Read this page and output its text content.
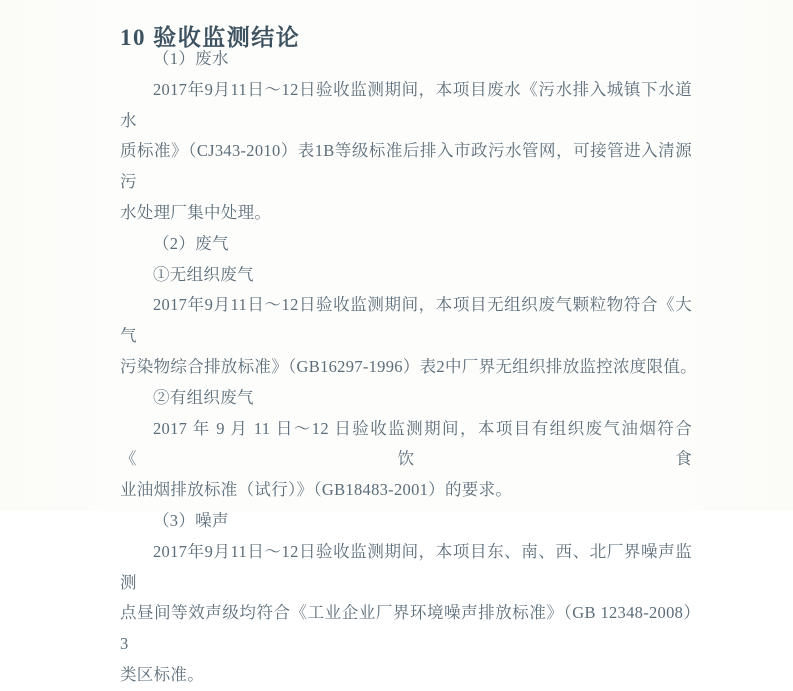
10 验收监测结论
（1）废水
2017年9月11日～12日验收监测期间，本项目废水《污水排入城镇下水道水
质标准》（CJ343-2010）表1B等级标准后排入市政污水管网，可接管进入清源污
水处理厂集中处理。
（2）废气
①无组织废气
2017年9月11日～12日验收监测期间，本项目无组织废气颗粒物符合《大气
污染物综合排放标准》（GB16297-1996）表2中厂界无组织排放监控浓度限值。
②有组织废气
2017 年 9 月 11 日～12 日验收监测期间，本项目有组织废气油烟符合《饮食
业油烟排放标准（试行）》（GB18483-2001）的要求。
（3）噪声
2017年9月11日～12日验收监测期间，本项目东、南、西、北厂界噪声监测
点昼间等效声级均符合《工业企业厂界环境噪声排放标准》（GB 12348-2008）3
类区标准。
